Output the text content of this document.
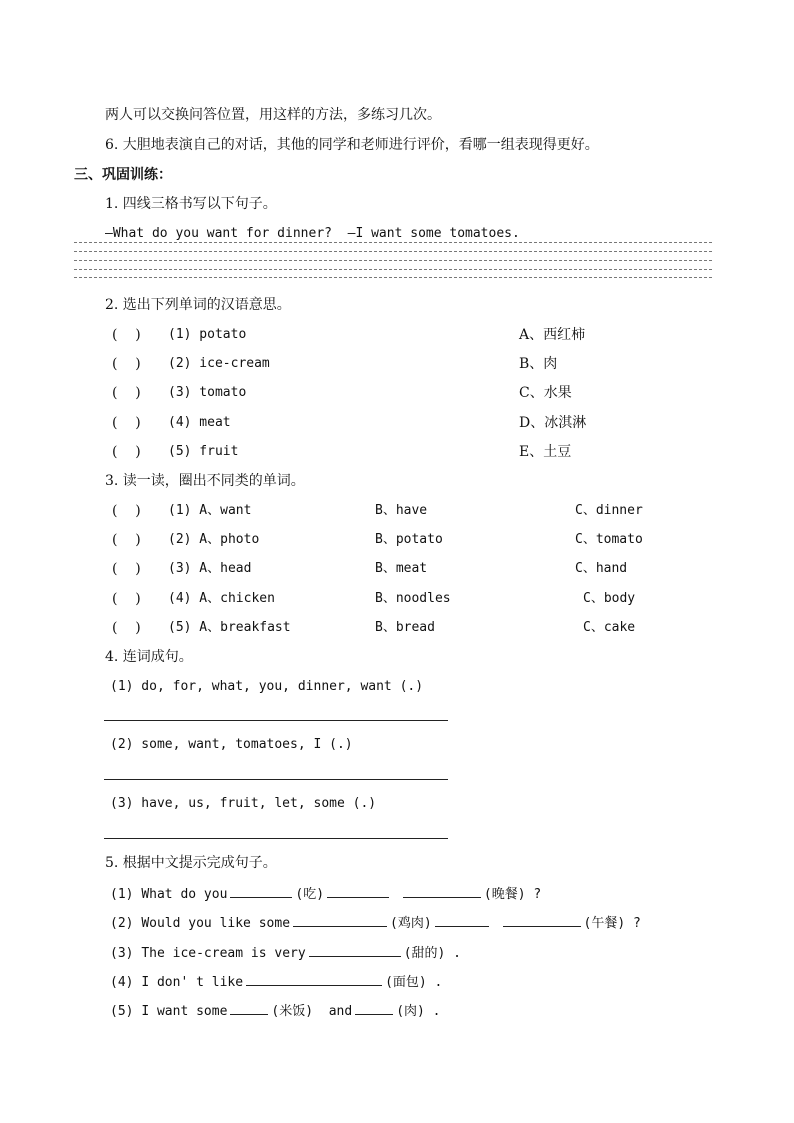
两人可以交换问答位置，用这样的方法，多练习几次。
6. 大胆地表演自己的对话，其他的同学和老师进行评价，看哪一组表现得更好。
三、巩固训练：
1. 四线三格书写以下句子。
—What do you want for dinner?  —I want some tomatoes.
2. 选出下列单词的汉语意思。
(    ) (1) potato	A、西红柿
(    ) (2) ice-cream	B、肉
(    ) (3) tomato	C、水果
(    ) (4) meat	D、冰淇淋
(    ) (5) fruit	E、土豆
3. 读一读，圈出不同类的单词。
(    ) (1) A、want	B、have	C、dinner
(    ) (2) A、photo	B、potato	C、tomato
(    ) (3) A、head	B、meat	C、hand
(    ) (4) A、chicken	B、noodles	C、body
(    ) (5) A、breakfast	B、bread	C、cake
4. 连词成句。
(1) do, for, what, you, dinner, want (.)
(2) some, want, tomatoes, I (.)
(3) have, us, fruit, let, some (.)
5. 根据中文提示完成句子。
(1) What do you	(吃)	(晚餐) ?
(2) Would you like some	(鸡肉)	(午餐) ?
(3) The ice-cream is very	(甜的) .
(4) I don' t like	(面包) .
(5) I want some	(米饭) and	(肉) .
